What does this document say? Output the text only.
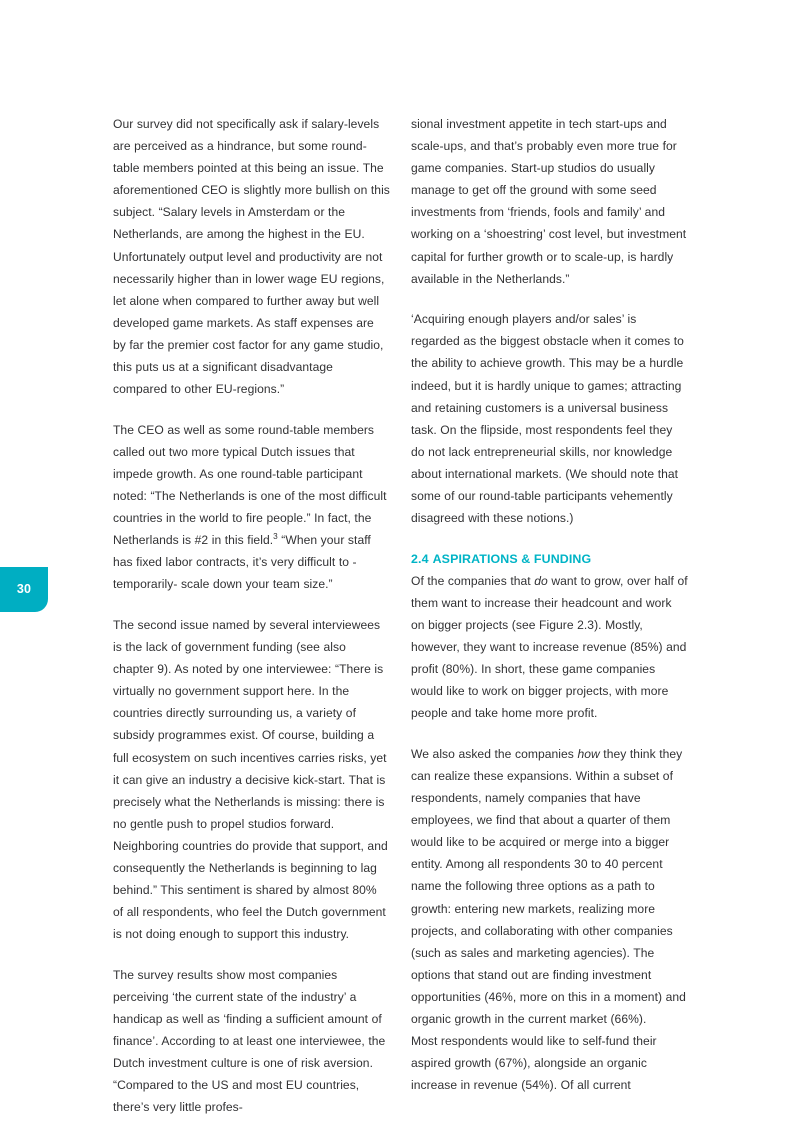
30

Our survey did not specifically ask if salary-levels are perceived as a hindrance, but some round-table members pointed at this being an issue. The aforementioned CEO is slightly more bullish on this subject. “Salary levels in Amsterdam or the Netherlands, are among the highest in the EU. Unfortunately output level and productivity are not necessarily higher than in lower wage EU regions, let alone when compared to further away but well developed game markets. As staff expenses are by far the premier cost factor for any game studio, this puts us at a significant disadvantage compared to other EU-regions.”

The CEO as well as some round-table members called out two more typical Dutch issues that impede growth. As one round-table participant noted: “The Netherlands is one of the most difficult countries in the world to fire people.” In fact, the Netherlands is #2 in this field.$^3$ “When your staff has fixed labor contracts, it’s very difficult to -temporarily- scale down your team size.”

The second issue named by several interviewees is the lack of government funding (see also chapter 9). As noted by one interviewee: “There is virtually no government support here. In the countries directly surrounding us, a variety of subsidy programmes exist. Of course, building a full ecosystem on such incentives carries risks, yet it can give an industry a decisive kick-start. That is precisely what the Netherlands is missing: there is no gentle push to propel studios forward. Neighboring countries do provide that support, and consequently the Netherlands is beginning to lag behind.” This sentiment is shared by almost 80% of all respondents, who feel the Dutch government is not doing enough to support this industry.

The survey results show most companies perceiving ‘the current state of the industry’ a handicap as well as ‘finding a sufficient amount of finance’. According to at least one interviewee, the Dutch investment culture is one of risk aversion. “Compared to the US and most EU countries, there’s very little profes-

sional investment appetite in tech start-ups and scale-ups, and that’s probably even more true for game companies. Start-up studios do usually manage to get off the ground with some seed investments from ‘friends, fools and family’ and working on a ‘shoestring’ cost level, but investment capital for further growth or to scale-up, is hardly available in the Netherlands.”

‘Acquiring enough players and/or sales’ is regarded as the biggest obstacle when it comes to the ability to achieve growth. This may be a hurdle indeed, but it is hardly unique to games; attracting and retaining customers is a universal business task. On the flipside, most respondents feel they do not lack entrepreneurial skills, nor knowledge about international markets. (We should note that some of our round-table participants vehemently disagreed with these notions.)

2.4 ASPIRATIONS & FUNDING

Of the companies that do want to grow, over half of them want to increase their headcount and work on bigger projects (see Figure 2.3). Mostly, however, they want to increase revenue (85%) and profit (80%). In short, these game companies would like to work on bigger projects, with more people and take home more profit.

We also asked the companies how they think they can realize these expansions. Within a subset of respondents, namely companies that have employees, we find that about a quarter of them would like to be acquired or merge into a bigger entity. Among all respondents 30 to 40 percent name the following three options as a path to growth: entering new markets, realizing more projects, and collaborating with other companies (such as sales and marketing agencies). The options that stand out are finding investment opportunities (46%, more on this in a moment) and organic growth in the current market (66%).

Most respondents would like to self-fund their aspired growth (67%), alongside an organic increase in revenue (54%). Of all current
